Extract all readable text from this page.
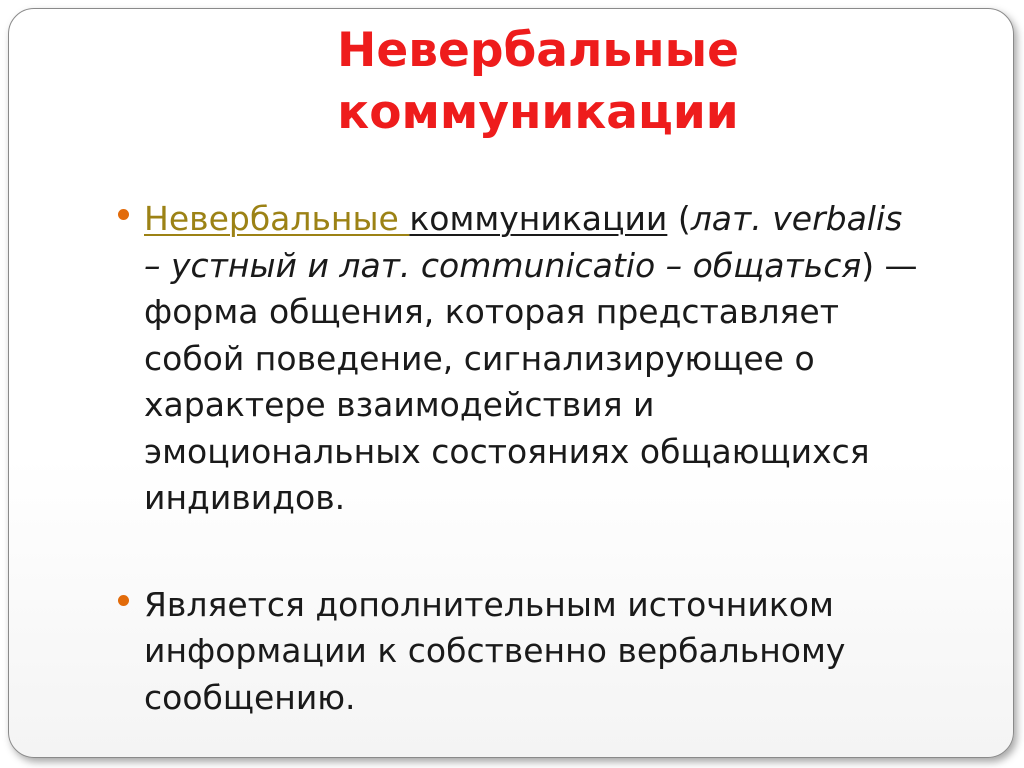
Невербальные
коммуникации
Невербальные коммуникации (лат. verbalis – устный и лат. communicatio – общаться) — форма общения, которая представляет собой поведение, сигнализирующее о характере взаимодействия и эмоциональных состояниях общающихся индивидов.
Является дополнительным источником информации к собственно вербальному сообщению.
